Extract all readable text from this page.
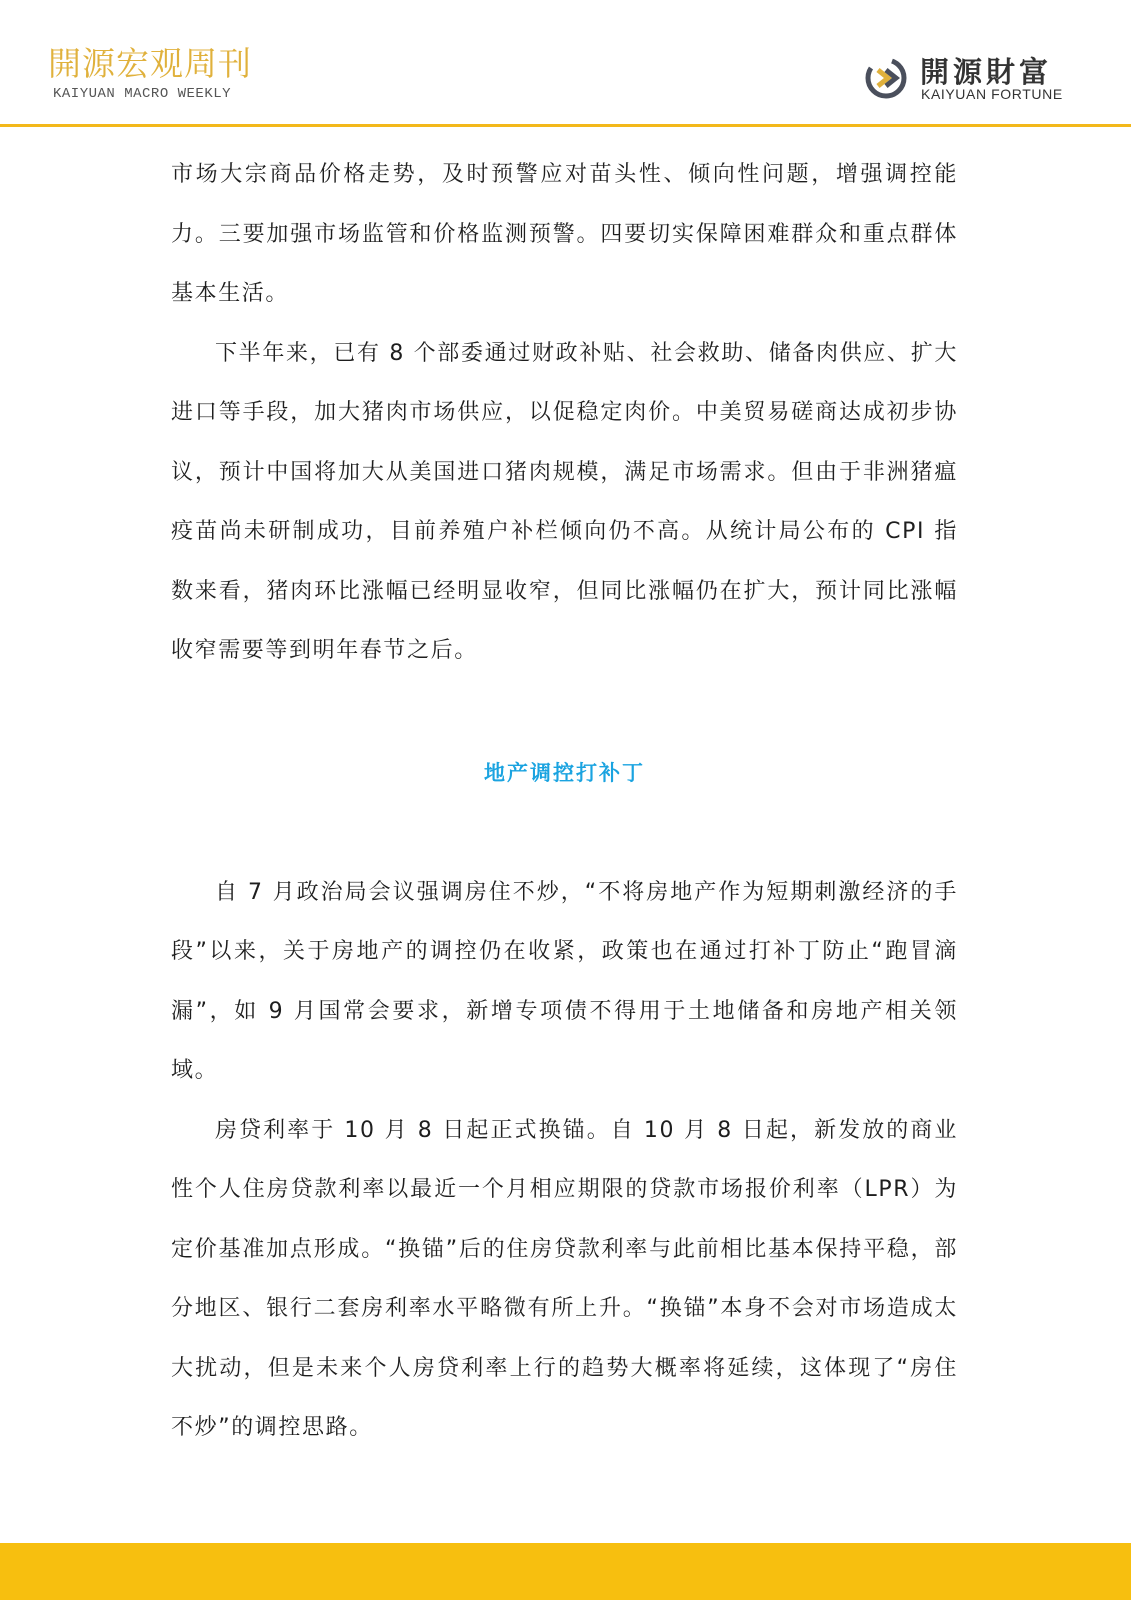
開源宏观周刊
KAIYUAN MACRO WEEKLY
開源財富
KAIYUAN FORTUNE

市场大宗商品价格走势，及时预警应对苗头性、倾向性问题，增强调控能力。三要加强市场监管和价格监测预警。四要切实保障困难群众和重点群体基本生活。

下半年来，已有 8 个部委通过财政补贴、社会救助、储备肉供应、扩大进口等手段，加大猪肉市场供应，以促稳定肉价。中美贸易磋商达成初步协议，预计中国将加大从美国进口猪肉规模，满足市场需求。但由于非洲猪瘟疫苗尚未研制成功，目前养殖户补栏倾向仍不高。从统计局公布的 CPI 指数来看，猪肉环比涨幅已经明显收窄，但同比涨幅仍在扩大，预计同比涨幅收窄需要等到明年春节之后。

地产调控打补丁

自 7 月政治局会议强调房住不炒，“不将房地产作为短期刺激经济的手段”以来，关于房地产的调控仍在收紧，政策也在通过打补丁防止“跑冒滴漏”，如 9 月国常会要求，新增专项债不得用于土地储备和房地产相关领域。

房贷利率于 10 月 8 日起正式换锚。自 10 月 8 日起，新发放的商业性个人住房贷款利率以最近一个月相应期限的贷款市场报价利率（LPR）为定价基准加点形成。“换锚”后的住房贷款利率与此前相比基本保持平稳，部分地区、银行二套房利率水平略微有所上升。“换锚”本身不会对市场造成太大扰动，但是未来个人房贷利率上行的趋势大概率将延续，这体现了“房住不炒”的调控思路。
